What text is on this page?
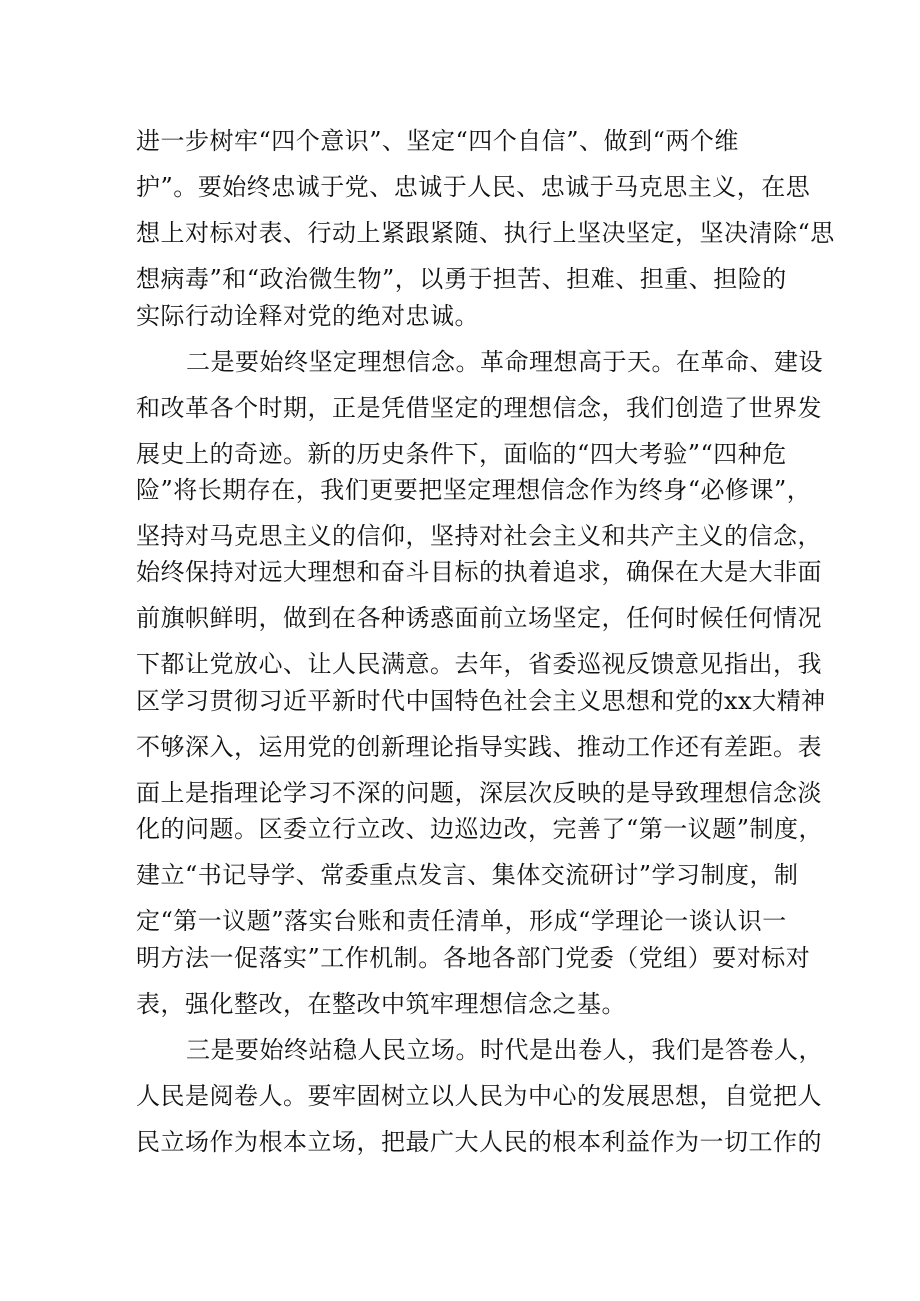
进一步树牢“四个意识”、坚定“四个自信”、做到“两个维
护”。要始终忠诚于党、忠诚于人民、忠诚于马克思主义，在思
想上对标对表、行动上紧跟紧随、执行上坚决坚定，坚决清除“思
想病毒”和“政治微生物”，以勇于担苦、担难、担重、担险的
实际行动诠释对党的绝对忠诚。
二是要始终坚定理想信念。革命理想高于天。在革命、建设
和改革各个时期，正是凭借坚定的理想信念，我们创造了世界发
展史上的奇迹。新的历史条件下，面临的“四大考验”“四种危
险”将长期存在，我们更要把坚定理想信念作为终身“必修课”，
坚持对马克思主义的信仰，坚持对社会主义和共产主义的信念，
始终保持对远大理想和奋斗目标的执着追求，确保在大是大非面
前旗帜鲜明，做到在各种诱惑面前立场坚定，任何时候任何情况
下都让党放心、让人民满意。去年，省委巡视反馈意见指出，我
区学习贯彻习近平新时代中国特色社会主义思想和党的xx大精神
不够深入，运用党的创新理论指导实践、推动工作还有差距。表
面上是指理论学习不深的问题，深层次反映的是导致理想信念淡
化的问题。区委立行立改、边巡边改，完善了“第一议题”制度，
建立“书记导学、常委重点发言、集体交流研讨”学习制度，制
定“第一议题”落实台账和责任清单，形成“学理论一谈认识一
明方法一促落实”工作机制。各地各部门党委（党组）要对标对
表，强化整改，在整改中筑牢理想信念之基。
三是要始终站稳人民立场。时代是出卷人，我们是答卷人，
人民是阅卷人。要牢固树立以人民为中心的发展思想，自觉把人
民立场作为根本立场，把最广大人民的根本利益作为一切工作的
